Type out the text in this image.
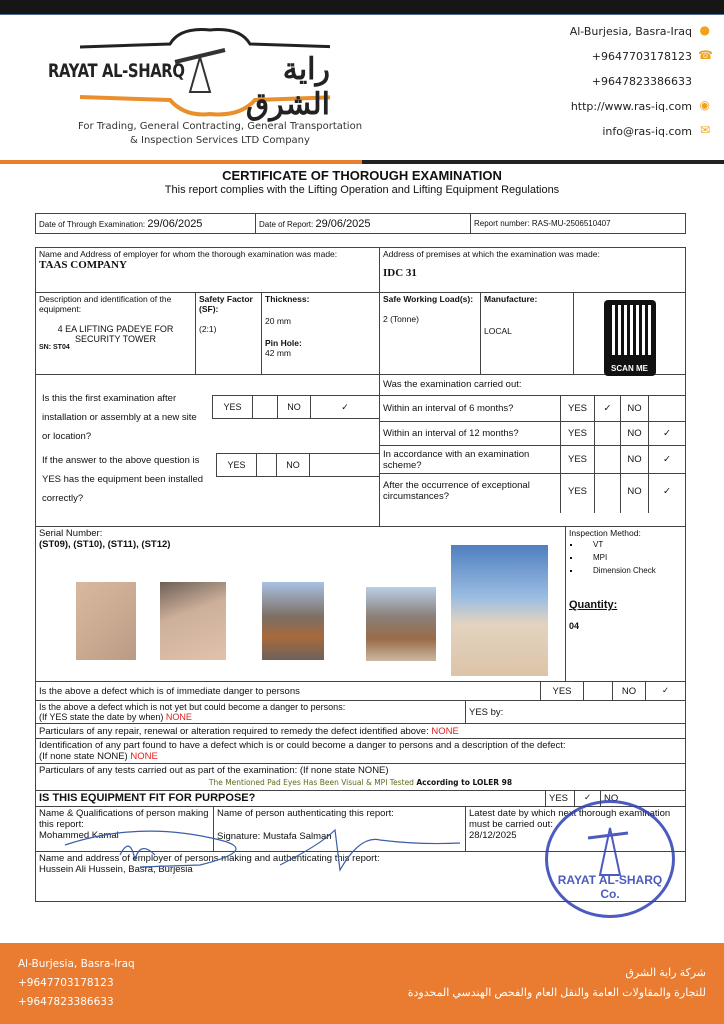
RAYAT AL-SHARQ	راية الشرق
For Trading, General Contracting, General Transportation
& Inspection Services LTD Company
Al-Burjesia, Basra-Iraq ●
+9647703178123 ☎
+9647823386633
http://www.ras-iq.com ◉
info@ras-iq.com ✉
CERTIFICATE OF THOROUGH EXAMINATION
This report complies with the Lifting Operation and Lifting Equipment Regulations
Date of Through Examination: 29/06/2025	Date of Report: 29/06/2025	Report number: RAS-MU-2506510407
Name and Address of employer for whom the thorough examination was made:
TAAS COMPANY
Address of premises at which the examination was made:
IDC 31
Description and identification of the equipment:
4 EA LIFTING PADEYE FOR SECURITY TOWER
SN: ST04
Safety Factor (SF):
(2:1)
Thickness:
20 mm
Pin Hole:
42 mm
Safe Working Load(s):
2 (Tonne)
Manufacture:
LOCAL
SCAN ME
Is this the first examination after installation or assembly at a new site or location?
YES	NO	✓
If the answer to the above question is YES has the equipment been installed correctly?
YES	NO
Was the examination carried out:
Within an interval of 6 months?	YES	✓	NO
Within an interval of 12 months?	YES	NO	✓
In accordance with an examination scheme?
YES	NO	✓
After the occurrence of exceptional circumstances?	YES	NO	✓
Serial Number:
(ST09), (ST10), (ST11), (ST12)
Inspection Method:
▪ VT
▪ MPI
▪ Dimension Check
Quantity:
04
Is the above a defect which is of immediate danger to persons	YES	NO	✓
Is the above a defect which is not yet but could become a danger to persons:
(If YES state the date by when) NONE	YES by:
Particulars of any repair, renewal or alteration required to remedy the defect identified above: NONE
Identification of any part found to have a defect which is or could become a danger to persons and a description of the defect:
(If none state NONE) NONE
Particulars of any tests carried out as part of the examination: (If none state NONE)
The Mentioned Pad Eyes Has Been Visual & MPI Tested According to LOLER 98
IS THIS EQUIPMENT FIT FOR PURPOSE?	YES	✓	NO
Name & Qualifications of person making this report:
Mohammed Kamal
Name of person authenticating this report:
Signature: Mustafa Salman
Latest date by which next thorough examination must be carried out:
28/12/2025
Name and address of employer of persons making and authenticating this report:
Hussein Ali Hussein, Basra, Burjesia
RAYAT AL-SHARQ Co.
Al-Burjesia, Basra-Iraq
+9647703178123
+9647823386633
شركة راية الشرق
للتجارة والمقاولات العامة والنقل العام والفحص الهندسي المحدودة
